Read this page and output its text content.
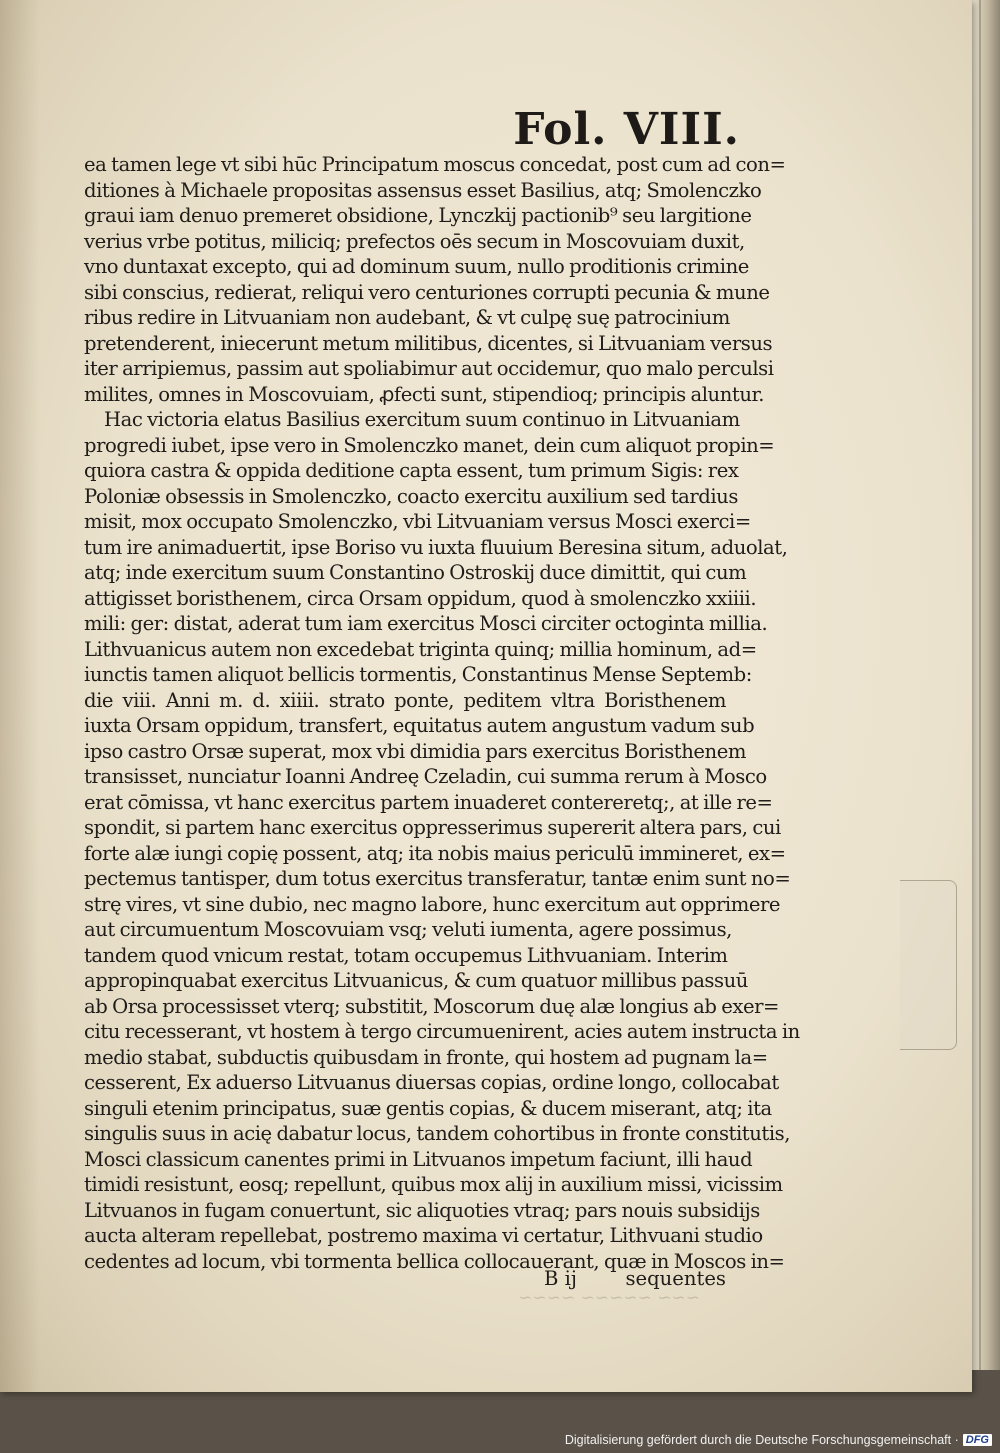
Fol. VIII.
ea tamen lege vt sibi hūc Principatum moscus concedat, post cum ad con=
ditiones à Michaele propositas assensus esset Basilius, atq; Smolenczko
graui iam denuo premeret obsidione, Lynczkij pactionib⁹ seu largitione
verius vrbe potitus, miliciq; prefectos oēs secum in Moscovuiam duxit,
vno duntaxat excepto, qui ad dominum suum, nullo proditionis crimine
sibi conscius, redierat, reliqui vero centuriones corrupti pecunia & mune
ribus redire in Litvuaniam non audebant, & vt culpę suę patrocinium
pretenderent, iniecerunt metum militibus, dicentes, si Litvuaniam versus
iter arripiemus, passim aut spoliabimur aut occidemur, quo malo perculsi
milites, omnes in Moscovuiam, ꝓfecti sunt, stipendioq; principis aluntur.
Hac victoria elatus Basilius exercitum suum continuo in Litvuaniam
progredi iubet, ipse vero in Smolenczko manet, dein cum aliquot propin=
quiora castra & oppida deditione capta essent, tum primum Sigis: rex
Poloniæ obsessis in Smolenczko, coacto exercitu auxilium sed tardius
misit, mox occupato Smolenczko, vbi Litvuaniam versus Mosci exerci=
tum ire animaduertit, ipse Boriso vu iuxta fluuium Beresina situm, aduolat,
atq; inde exercitum suum Constantino Ostroskij duce dimittit, qui cum
attigisset boristhenem, circa Orsam oppidum, quod à smolenczko xxiiii.
mili: ger: distat, aderat tum iam exercitus Mosci circiter octoginta millia.
Lithvuanicus autem non excedebat triginta quinq; millia hominum, ad=
iunctis tamen aliquot bellicis tormentis, Constantinus Mense Septemb:
die viii. Anni m. d. xiiii. strato ponte, peditem vltra Boristhenem
iuxta Orsam oppidum, transfert, equitatus autem angustum vadum sub
ipso castro Orsæ superat, mox vbi dimidia pars exercitus Boristhenem
transisset, nunciatur Ioanni Andreę Czeladin, cui summa rerum à Mosco
erat cōmissa, vt hanc exercitus partem inuaderet contereretq;, at ille re=
spondit, si partem hanc exercitus oppresserimus supererit altera pars, cui
forte alæ iungi copię possent, atq; ita nobis maius periculū immineret, ex=
pectemus tantisper, dum totus exercitus transferatur, tantæ enim sunt no=
strę vires, vt sine dubio, nec magno labore, hunc exercitum aut opprimere
aut circumuentum Moscovuiam vsq; veluti iumenta, agere possimus,
tandem quod vnicum restat, totam occupemus Lithvuaniam. Interim
appropinquabat exercitus Litvuanicus, & cum quatuor millibus passuū
ab Orsa processisset vterq; substitit, Moscorum duę alæ longius ab exer=
citu recesserant, vt hostem à tergo circumuenirent, acies autem instructa in
medio stabat, subductis quibusdam in fronte, qui hostem ad pugnam la=
cesserent, Ex aduerso Litvuanus diuersas copias, ordine longo, collocabat
singuli etenim principatus, suæ gentis copias, & ducem miserant, atq; ita
singulis suus in acię dabatur locus, tandem cohortibus in fronte constitutis,
Mosci classicum canentes primi in Litvuanos impetum faciunt, illi haud
timidi resistunt, eosq; repellunt, quibus mox alij in auxilium missi, vicissim
Litvuanos in fugam conuertunt, sic aliquoties vtraq; pars nouis subsidijs
aucta alteram repellebat, postremo maxima vi certatur, Lithvuani studio
cedentes ad locum, vbi tormenta bellica collocauerant, quæ in Moscos in=
B ij sequentes
~~~ ~~~~~ ~~~~
Digitalisierung gefördert durch die Deutsche Forschungsgemeinschaft · DFG
